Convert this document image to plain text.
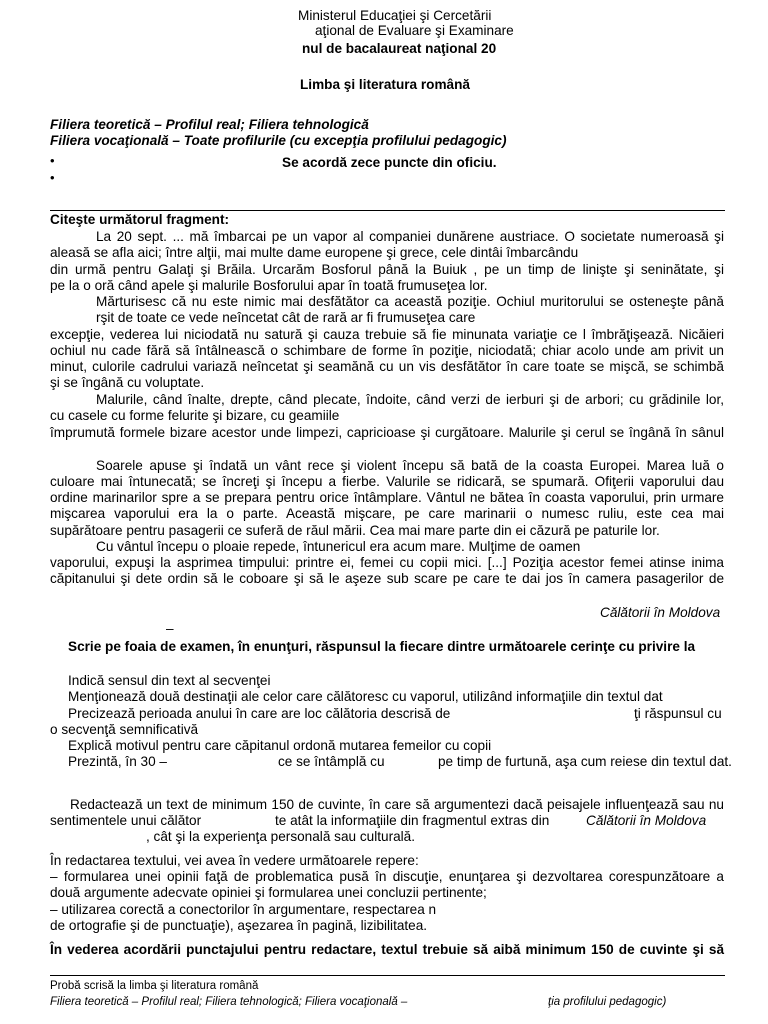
Ministerul Educaţiei şi Cercetării
aţional de Evaluare şi Examinare
nul de bacalaureat naţional 20
Limba şi literatura română
Filiera teoretică – Profilul real; Filiera tehnologică
Filiera vocaţională – Toate profilurile (cu excepţia profilului pedagogic)
•	Se acordă zece puncte din oficiu.
•
Citeşte următorul fragment:
La 20 sept. ... mă îmbarcai pe un vapor al companiei dunărene austriace. O societate numeroasă şi
aleasă se afla aici; între alţii, mai multe dame europene şi grece, cele dintâi îmbarcându
din urmă pentru Galaţi şi Brăila. Urcarăm Bosforul până la Buiuk , pe un timp de linişte şi seninătate, şi
pe la o oră când apele şi malurile Bosforului apar în toată frumuseţea lor.
Mărturisesc că nu este nimic mai desfătător ca această poziţie. Ochiul muritorului se osteneşte până
rşit de toate ce vede neîncetat cât de rară ar fi frumuseţea care
excepţie, vederea lui niciodată nu satură şi cauza trebuie să fie minunata variaţie ce l îmbrăţişează. Nicăieri
ochiul nu cade fără să întâlnească o schimbare de forme în poziţie, niciodată; chiar acolo unde am privit un
minut, culorile cadrului variază neîncetat şi seamănă cu un vis desfătător în care toate se mişcă, se schimbă
şi se îngână cu voluptate.
Malurile, când înalte, drepte, când plecate, îndoite, când verzi de ierburi şi de arbori; cu grădinile lor,
cu casele cu forme felurite şi bizare, cu geamiile
împrumută formele bizare acestor unde limpezi, capricioase şi curgătoare. Malurile şi cerul se îngână în sânul
Soarele apuse şi îndată un vânt rece şi violent începu să bată de la coasta Europei. Marea luă o
culoare mai întunecată; se încreţi şi începu a fierbe. Valurile se ridicară, se spumară. Ofiţerii vaporului dau
ordine marinarilor spre a se prepara pentru orice întâmplare. Vântul ne bătea în coasta vaporului, prin urmare
mişcarea vaporului era la o parte. Această mişcare, pe care marinarii o numesc ruliu, este cea mai
supărătoare pentru pasagerii ce suferă de răul mării. Cea mai mare parte din ei căzură pe paturile lor.
Cu vântul începu o ploaie repede, întunericul era acum mare. Mulţime de oamen
vaporului, expuşi la asprimea timpului: printre ei, femei cu copii mici. [...] Poziţia acestor femei atinse inima
căpitanului şi dete ordin să le coboare şi să le aşeze sub scare pe care te dai jos în camera pasagerilor de
Călătorii în Moldova
–
Scrie pe foaia de examen, în enunţuri, răspunsul la fiecare dintre următoarele cerinţe cu privire la
Indică sensul din text al secvenţei
Menţionează două destinaţii ale celor care călătoresc cu vaporul, utilizând informaţiile din textul dat
Precizează perioada anului în care are loc călătoria descrisă de	ţi răspunsul cu
o secvenţă semnificativă
Explică motivul pentru care căpitanul ordonă mutarea femeilor cu copii
Prezintă, în 30 –	ce se întâmplă cu	pe timp de furtună, aşa cum reiese din textul dat.
Redactează un text de minimum 150 de cuvinte, în care să argumentezi dacă peisajele influenţează sau nu
sentimentele unui călător	te atât la informaţiile din fragmentul extras din	Călătorii în Moldova
, cât şi la experienţa personală sau culturală.
În redactarea textului, vei avea în vedere următoarele repere:
– formularea unei opinii faţă de problematica pusă în discuţie, enunţarea şi dezvoltarea corespunzătoare a
două argumente adecvate opiniei şi formularea unei concluzii pertinente;
– utilizarea corectă a conectorilor în argumentare, respectarea n
de ortografie şi de punctuaţie), aşezarea în pagină, lizibilitatea.
În vederea acordării punctajului pentru redactare, textul trebuie să aibă minimum 150 de cuvinte şi să
Probă scrisă la limba şi literatura română
Filiera teoretică – Profilul real; Filiera tehnologică; Filiera vocaţională –	ţia profilului pedagogic)
